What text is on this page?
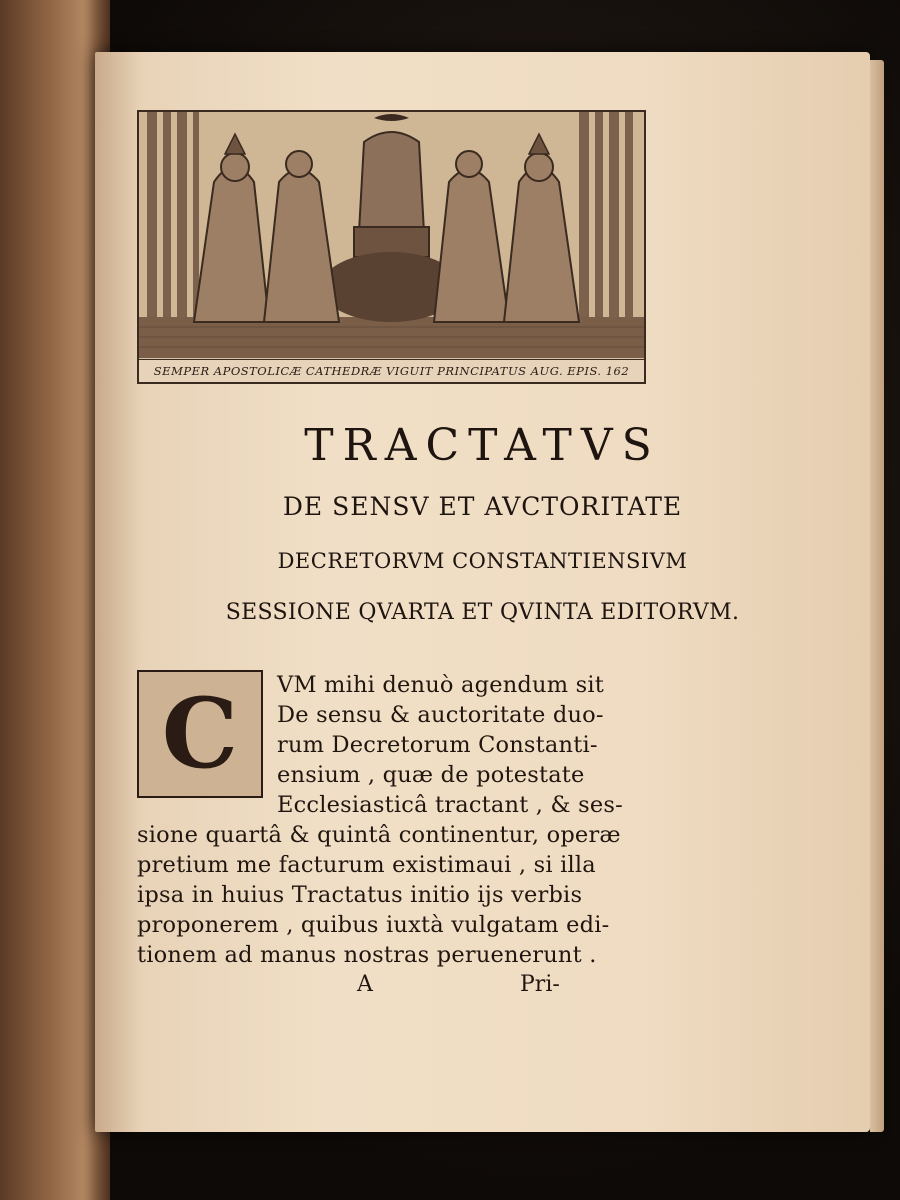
SEMPER APOSTOLICÆ CATHEDRÆ VIGUIT PRINCIPATUS AUG. EPIS. 162
TRACTATVS
DE SENSV ET AVCTORITATE
DECRETORVM CONSTANTIENSIVM
SESSIONE QVARTA ET QVINTA EDITORVM.
C	VM mihi denuò agendum sit
De sensu & auctoritate duo-
rum Decretorum Constanti-
ensium , quæ de potestate
Ecclesiasticâ tractant , & ses-
sione quartâ & quintâ continentur, operæ
pretium me facturum existimaui , si illa
ipsa in huius Tractatus initio ijs verbis
proponerem , quibus iuxtà vulgatam edi-
tionem ad manus nostras peruenerunt .
A	Pri-
